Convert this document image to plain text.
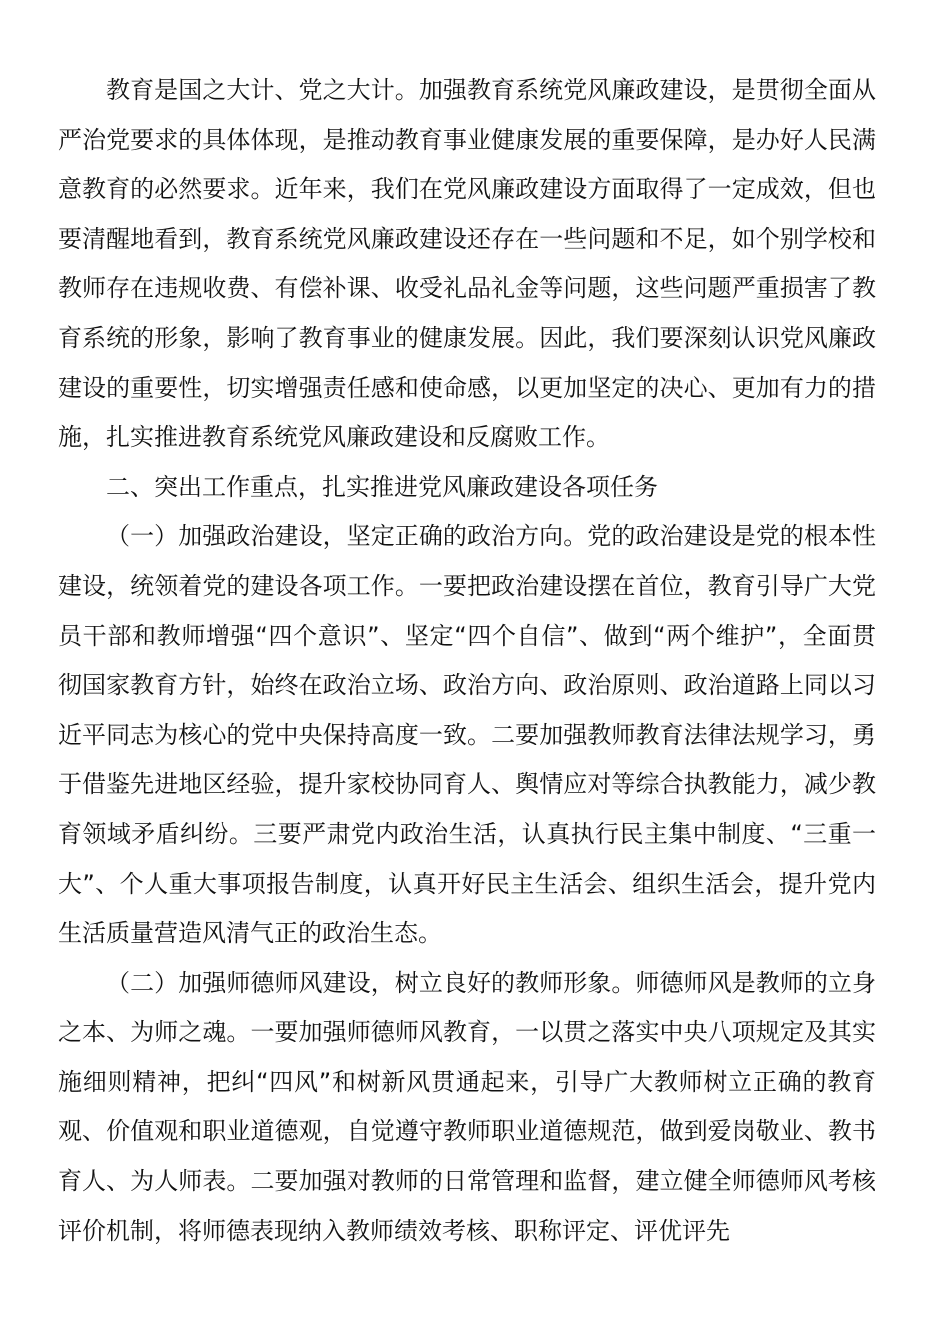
教育是国之大计、党之大计。加强教育系统党风廉政建设，是贯彻全面从严治党要求的具体体现，是推动教育事业健康发展的重要保障，是办好人民满意教育的必然要求。近年来，我们在党风廉政建设方面取得了一定成效，但也要清醒地看到，教育系统党风廉政建设还存在一些问题和不足，如个别学校和教师存在违规收费、有偿补课、收受礼品礼金等问题，这些问题严重损害了教育系统的形象，影响了教育事业的健康发展。因此，我们要深刻认识党风廉政建设的重要性，切实增强责任感和使命感，以更加坚定的决心、更加有力的措施，扎实推进教育系统党风廉政建设和反腐败工作。

二、突出工作重点，扎实推进党风廉政建设各项任务

（一）加强政治建设，坚定正确的政治方向。党的政治建设是党的根本性建设，统领着党的建设各项工作。一要把政治建设摆在首位，教育引导广大党员干部和教师增强“四个意识”、坚定“四个自信”、做到“两个维护”，全面贯彻国家教育方针，始终在政治立场、政治方向、政治原则、政治道路上同以习近平同志为核心的党中央保持高度一致。二要加强教师教育法律法规学习，勇于借鉴先进地区经验，提升家校协同育人、舆情应对等综合执教能力，减少教育领域矛盾纠纷。三要严肃党内政治生活，认真执行民主集中制度、“三重一大”、个人重大事项报告制度，认真开好民主生活会、组织生活会，提升党内生活质量营造风清气正的政治生态。

（二）加强师德师风建设，树立良好的教师形象。师德师风是教师的立身之本、为师之魂。一要加强师德师风教育，一以贯之落实中央八项规定及其实施细则精神，把纠“四风”和树新风贯通起来，引导广大教师树立正确的教育观、价值观和职业道德观，自觉遵守教师职业道德规范，做到爱岗敬业、教书育人、为人师表。二要加强对教师的日常管理和监督，建立健全师德师风考核评价机制，将师德表现纳入教师绩效考核、职称评定、评优评先
